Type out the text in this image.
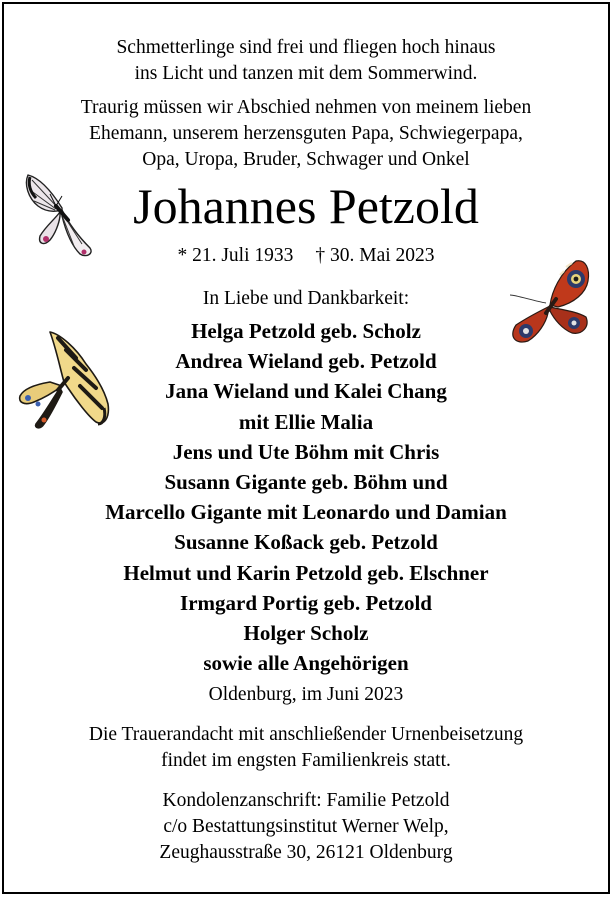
Schmetterlinge sind frei und fliegen hoch hinaus
ins Licht und tanzen mit dem Sommerwind.
Traurig müssen wir Abschied nehmen von meinem lieben
Ehemann, unserem herzensguten Papa, Schwiegerpapa,
Opa, Uropa, Bruder, Schwager und Onkel
Johannes Petzold
* 21. Juli 1933 † 30. Mai 2023
In Liebe und Dankbarkeit:
Helga Petzold geb. Scholz
Andrea Wieland geb. Petzold
Jana Wieland und Kalei Chang
mit Ellie Malia
Jens und Ute Böhm mit Chris
Susann Gigante geb. Böhm und
Marcello Gigante mit Leonardo und Damian
Susanne Koßack geb. Petzold
Helmut und Karin Petzold geb. Elschner
Irmgard Portig geb. Petzold
Holger Scholz
sowie alle Angehörigen
Oldenburg, im Juni 2023
Die Trauerandacht mit anschließender Urnenbeisetzung
findet im engsten Familienkreis statt.
Kondolenzanschrift: Familie Petzold
c/o Bestattungsinstitut Werner Welp,
Zeughausstraße 30, 26121 Oldenburg
